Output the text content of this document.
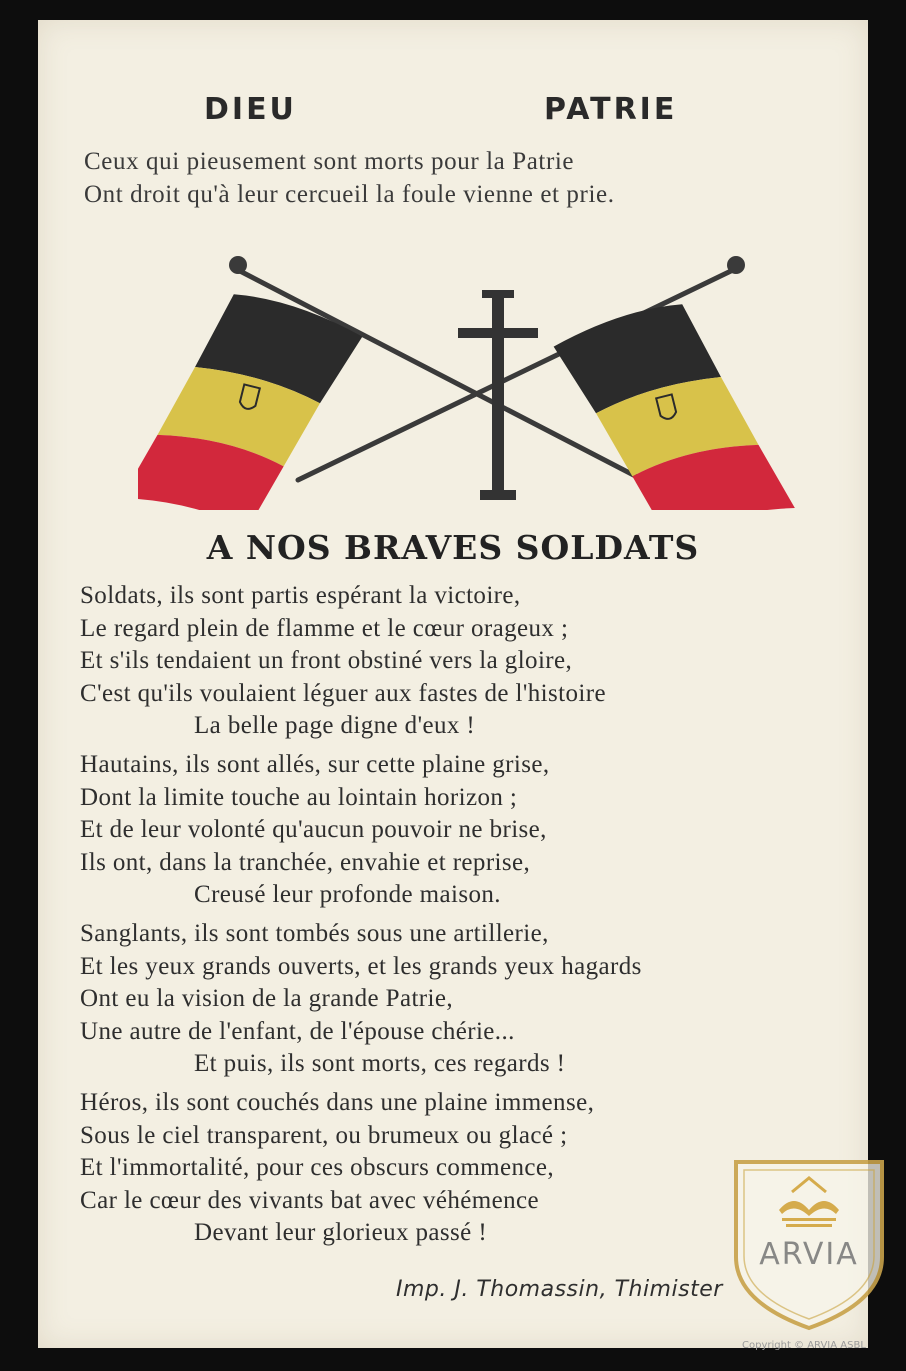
DIEU	PATRIE
Ceux qui pieusement sont morts pour la Patrie
Ont droit qu'à leur cercueil la foule vienne et prie.
A NOS BRAVES SOLDATS
Soldats, ils sont partis espérant la victoire,
Le regard plein de flamme et le cœur orageux ;
Et s'ils tendaient un front obstiné vers la gloire,
C'est qu'ils voulaient léguer aux fastes de l'histoire
La belle page digne d'eux !
Hautains, ils sont allés, sur cette plaine grise,
Dont la limite touche au lointain horizon ;
Et de leur volonté qu'aucun pouvoir ne brise,
Ils ont, dans la tranchée, envahie et reprise,
Creusé leur profonde maison.
Sanglants, ils sont tombés sous une artillerie,
Et les yeux grands ouverts, et les grands yeux hagards
Ont eu la vision de la grande Patrie,
Une autre de l'enfant, de l'épouse chérie...
Et puis, ils sont morts, ces regards !
Héros, ils sont couchés dans une plaine immense,
Sous le ciel transparent, ou brumeux ou glacé ;
Et l'immortalité, pour ces obscurs commence,
Car le cœur des vivants bat avec véhémence
Devant leur glorieux passé !
Imp. J. Thomassin, Thimister
ARVIA
Copyright © ARVIA ASBL
